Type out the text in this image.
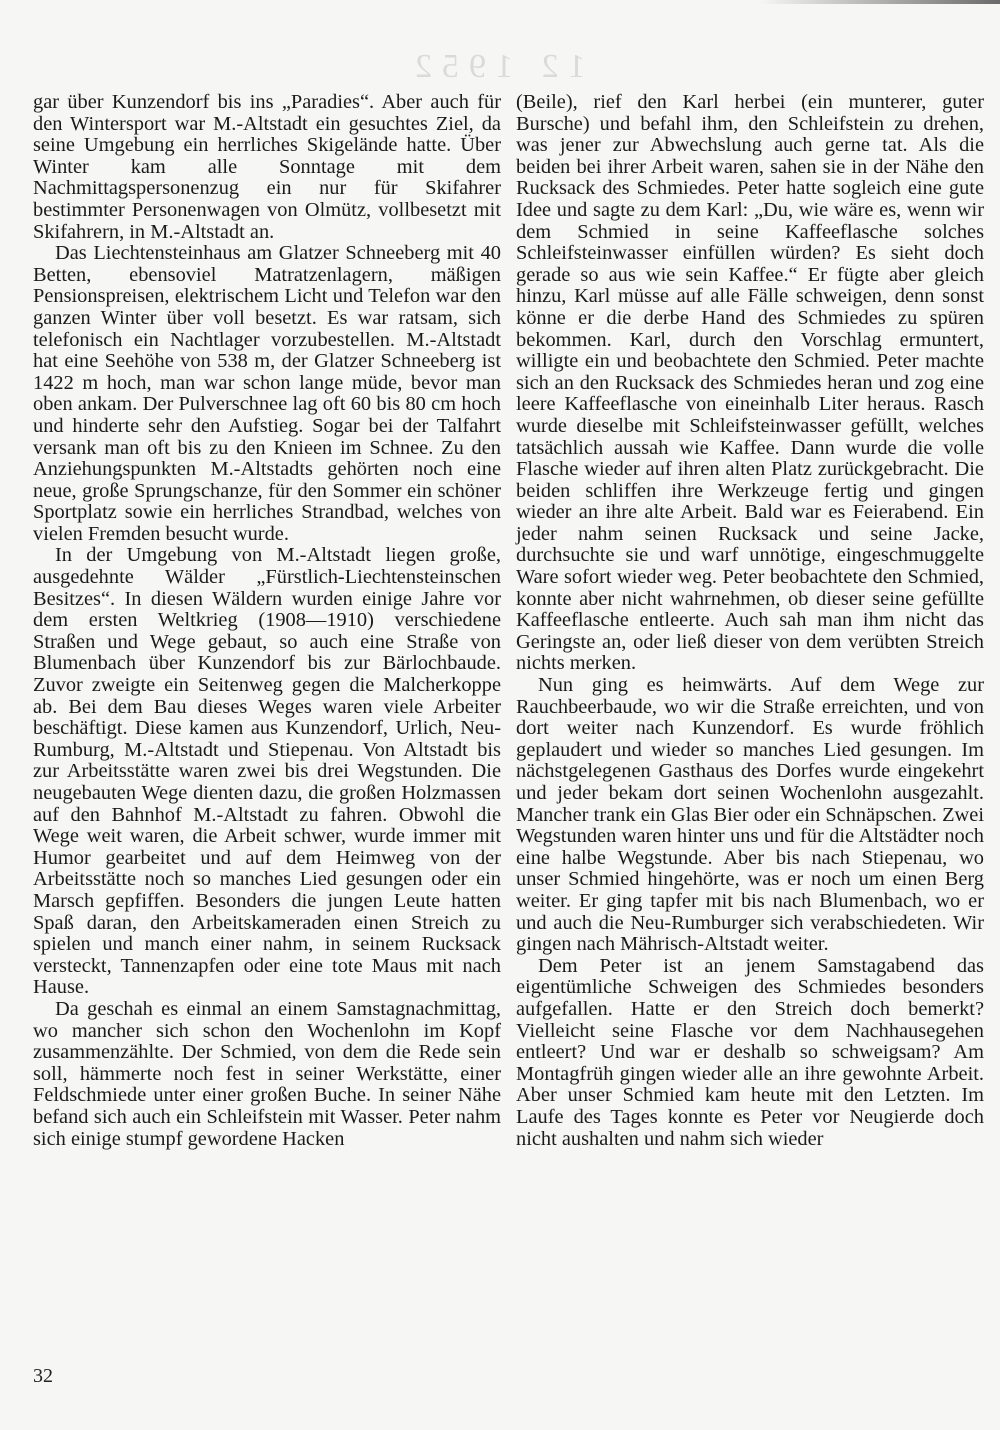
12 1952

gar über Kunzendorf bis ins „Paradies“. Aber auch für den Wintersport war M.-Altstadt ein gesuchtes Ziel, da seine Umgebung ein herrliches Skigelände hatte. Über Winter kam alle Sonntage mit dem Nachmittagspersonenzug ein nur für Skifahrer bestimmter Personenwagen von Olmütz, vollbesetzt mit Skifahrern, in M.-Altstadt an.

Das Liechtensteinhaus am Glatzer Schneeberg mit 40 Betten, ebensoviel Matratzenlagern, mäßigen Pensionspreisen, elektrischem Licht und Telefon war den ganzen Winter über voll besetzt. Es war ratsam, sich telefonisch ein Nachtlager vorzubestellen. M.-Altstadt hat eine Seehöhe von 538 m, der Glatzer Schneeberg ist 1422 m hoch, man war schon lange müde, bevor man oben ankam. Der Pulverschnee lag oft 60 bis 80 cm hoch und hinderte sehr den Aufstieg. Sogar bei der Talfahrt versank man oft bis zu den Knieen im Schnee. Zu den Anziehungspunkten M.-Altstadts gehörten noch eine neue, große Sprungschanze, für den Sommer ein schöner Sportplatz sowie ein herrliches Strandbad, welches von vielen Fremden besucht wurde.

In der Umgebung von M.-Altstadt liegen große, ausgedehnte Wälder „Fürstlich-Liechtensteinschen Besitzes“. In diesen Wäldern wurden einige Jahre vor dem ersten Weltkrieg (1908—1910) verschiedene Straßen und Wege gebaut, so auch eine Straße von Blumenbach über Kunzendorf bis zur Bärlochbaude. Zuvor zweigte ein Seitenweg gegen die Malcherkoppe ab. Bei dem Bau dieses Weges waren viele Arbeiter beschäftigt. Diese kamen aus Kunzendorf, Urlich, Neu-Rumburg, M.-Altstadt und Stiepenau. Von Altstadt bis zur Arbeitsstätte waren zwei bis drei Wegstunden. Die neugebauten Wege dienten dazu, die großen Holzmassen auf den Bahnhof M.-Altstadt zu fahren. Obwohl die Wege weit waren, die Arbeit schwer, wurde immer mit Humor gearbeitet und auf dem Heimweg von der Arbeitsstätte noch so manches Lied gesungen oder ein Marsch gepfiffen. Besonders die jungen Leute hatten Spaß daran, den Arbeitskameraden einen Streich zu spielen und manch einer nahm, in seinem Rucksack versteckt, Tannenzapfen oder eine tote Maus mit nach Hause.

Da geschah es einmal an einem Samstagnachmittag, wo mancher sich schon den Wochenlohn im Kopf zusammenzählte. Der Schmied, von dem die Rede sein soll, hämmerte noch fest in seiner Werkstätte, einer Feldschmiede unter einer großen Buche. In seiner Nähe befand sich auch ein Schleifstein mit Wasser. Peter nahm sich einige stumpf gewordene Hacken

(Beile), rief den Karl herbei (ein munterer, guter Bursche) und befahl ihm, den Schleifstein zu drehen, was jener zur Abwechslung auch gerne tat. Als die beiden bei ihrer Arbeit waren, sahen sie in der Nähe den Rucksack des Schmiedes. Peter hatte sogleich eine gute Idee und sagte zu dem Karl: „Du, wie wäre es, wenn wir dem Schmied in seine Kaffeeflasche solches Schleifsteinwasser einfüllen würden? Es sieht doch gerade so aus wie sein Kaffee.“ Er fügte aber gleich hinzu, Karl müsse auf alle Fälle schweigen, denn sonst könne er die derbe Hand des Schmiedes zu spüren bekommen. Karl, durch den Vorschlag ermuntert, willigte ein und beobachtete den Schmied. Peter machte sich an den Rucksack des Schmiedes heran und zog eine leere Kaffeeflasche von eineinhalb Liter heraus. Rasch wurde dieselbe mit Schleifsteinwasser gefüllt, welches tatsächlich aussah wie Kaffee. Dann wurde die volle Flasche wieder auf ihren alten Platz zurückgebracht. Die beiden schliffen ihre Werkzeuge fertig und gingen wieder an ihre alte Arbeit. Bald war es Feierabend. Ein jeder nahm seinen Rucksack und seine Jacke, durchsuchte sie und warf unnötige, eingeschmuggelte Ware sofort wieder weg. Peter beobachtete den Schmied, konnte aber nicht wahrnehmen, ob dieser seine gefüllte Kaffeeflasche entleerte. Auch sah man ihm nicht das Geringste an, oder ließ dieser von dem verübten Streich nichts merken.

Nun ging es heimwärts. Auf dem Wege zur Rauchbeerbaude, wo wir die Straße erreichten, und von dort weiter nach Kunzendorf. Es wurde fröhlich geplaudert und wieder so manches Lied gesungen. Im nächstgelegenen Gasthaus des Dorfes wurde eingekehrt und jeder bekam dort seinen Wochenlohn ausgezahlt. Mancher trank ein Glas Bier oder ein Schnäpschen. Zwei Wegstunden waren hinter uns und für die Altstädter noch eine halbe Wegstunde. Aber bis nach Stiepenau, wo unser Schmied hingehörte, was er noch um einen Berg weiter. Er ging tapfer mit bis nach Blumenbach, wo er und auch die Neu-Rumburger sich verabschiedeten. Wir gingen nach Mährisch-Altstadt weiter.

Dem Peter ist an jenem Samstagabend das eigentümliche Schweigen des Schmiedes besonders aufgefallen. Hatte er den Streich doch bemerkt? Vielleicht seine Flasche vor dem Nachhausegehen entleert? Und war er deshalb so schweigsam? Am Montagfrüh gingen wieder alle an ihre gewohnte Arbeit. Aber unser Schmied kam heute mit den Letzten. Im Laufe des Tages konnte es Peter vor Neugierde doch nicht aushalten und nahm sich wieder

32
